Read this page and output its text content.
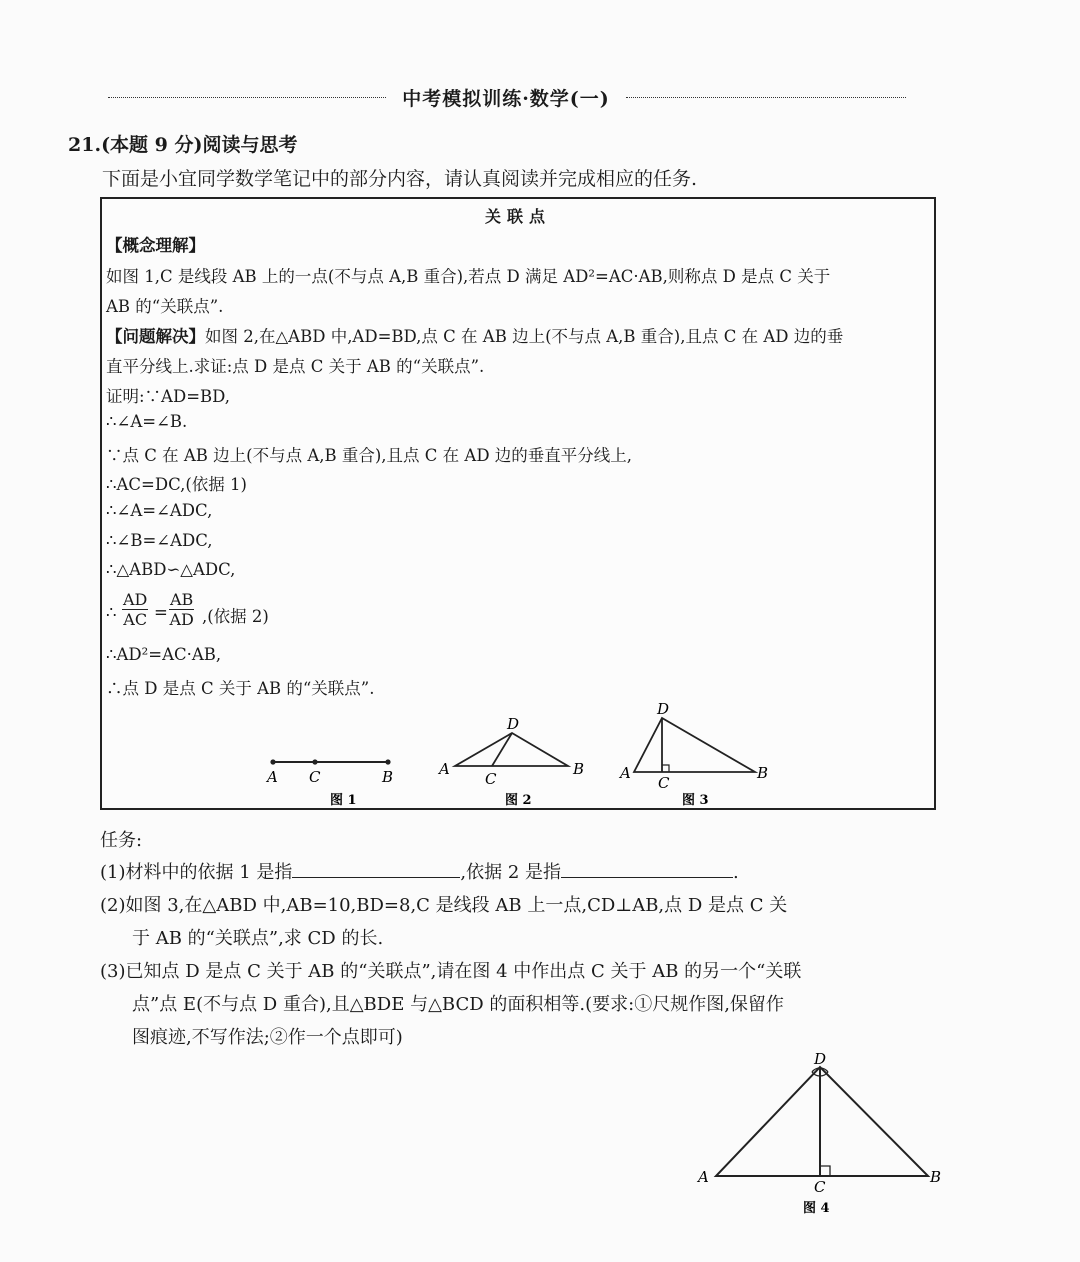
中考模拟训练·数学(一)
21.(本题 9 分)阅读与思考
下面是小宜同学数学笔记中的部分内容，请认真阅读并完成相应的任务.
关联点
【概念理解】
如图 1,C 是线段 AB 上的一点(不与点 A,B 重合),若点 D 满足 AD²=AC·AB,则称点 D 是点 C 关于
AB 的“关联点”.
【问题解决】如图 2,在△ABD 中,AD=BD,点 C 在 AB 边上(不与点 A,B 重合),且点 C 在 AD 边的垂
直平分线上.求证:点 D 是点 C 关于 AB 的“关联点”.
证明:∵AD=BD,
∴∠A=∠B.
∵点 C 在 AB 边上(不与点 A,B 重合),且点 C 在 AD 边的垂直平分线上,
∴AC=DC,(依据 1)
∴∠A=∠ADC,
∴∠B=∠ADC,
∴△ABD∽△ADC,
∴ $\frac{AD}{AC} = \frac{AB}{AD}$ ,(依据 2)
∴AD²=AC·AB,
∴点 D 是点 C 关于 AB 的“关联点”.
A C	B
图 1
D
A
C
B
图 2
D
A
C
B
图 3
任务:
(1)材料中的依据 1 是指	,依据 2 是指	.
(2)如图 3,在△ABD 中,AB=10,BD=8,C 是线段 AB 上一点,CD⊥AB,点 D 是点 C 关
于 AB 的“关联点”,求 CD 的长.
(3)已知点 D 是点 C 关于 AB 的“关联点”,请在图 4 中作出点 C 关于 AB 的另一个“关联
点”点 E(不与点 D 重合),且△BDE 与△BCD 的面积相等.(要求:①尺规作图,保留作
图痕迹,不写作法;②作一个点即可)
D
A	B
C
图 4
